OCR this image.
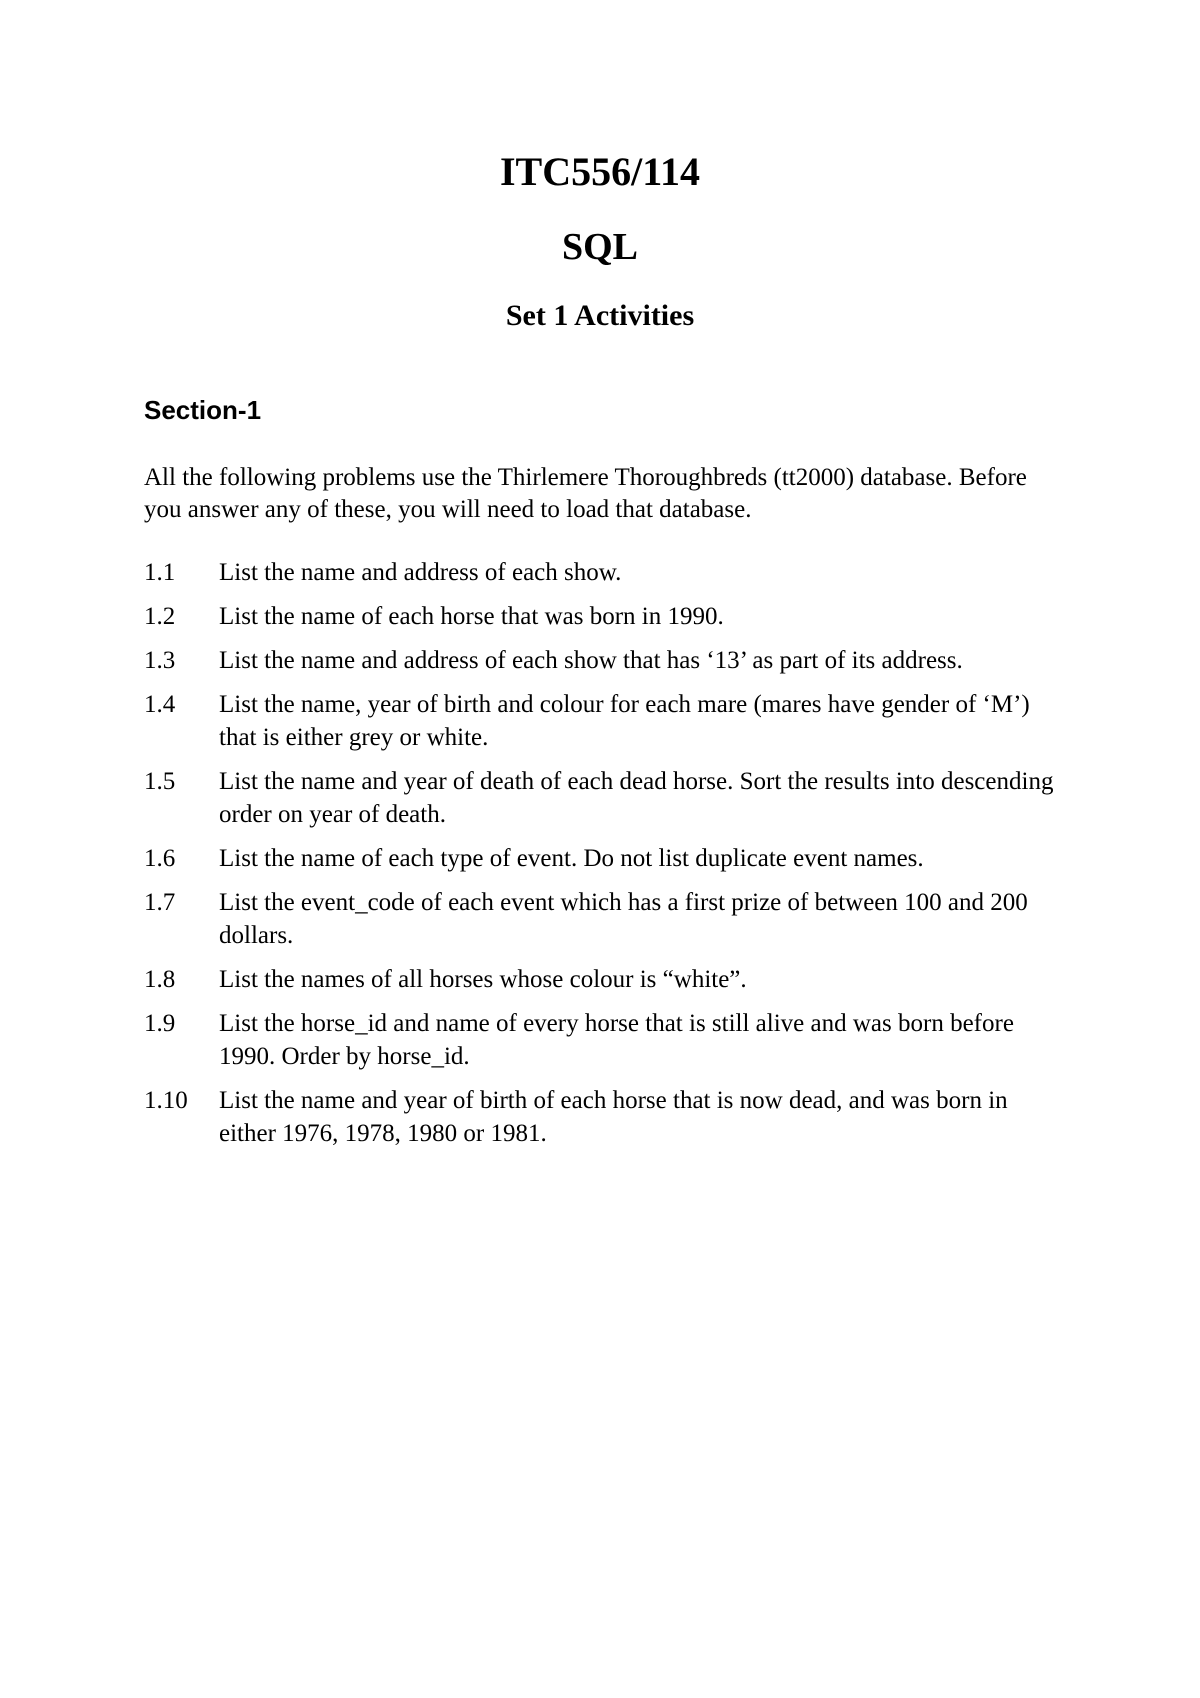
ITC556/114
SQL
Set 1 Activities
Section-1
All the following problems use the Thirlemere Thoroughbreds (tt2000) database. Before you answer any of these, you will need to load that database.
1.1	List the name and address of each show.
1.2	List the name of each horse that was born in 1990.
1.3	List the name and address of each show that has ‘13’ as part of its address.
1.4	List the name, year of birth and colour for each mare (mares have gender of ‘M’) that is either grey or white.
1.5	List the name and year of death of each dead horse. Sort the results into descending order on year of death.
1.6	List the name of each type of event. Do not list duplicate event names.
1.7	List the event_code of each event which has a first prize of between 100 and 200 dollars.
1.8	List the names of all horses whose colour is “white”.
1.9	List the horse_id and name of every horse that is still alive and was born before 1990. Order by horse_id.
1.10	List the name and year of birth of each horse that is now dead, and was born in either 1976, 1978, 1980 or 1981.
